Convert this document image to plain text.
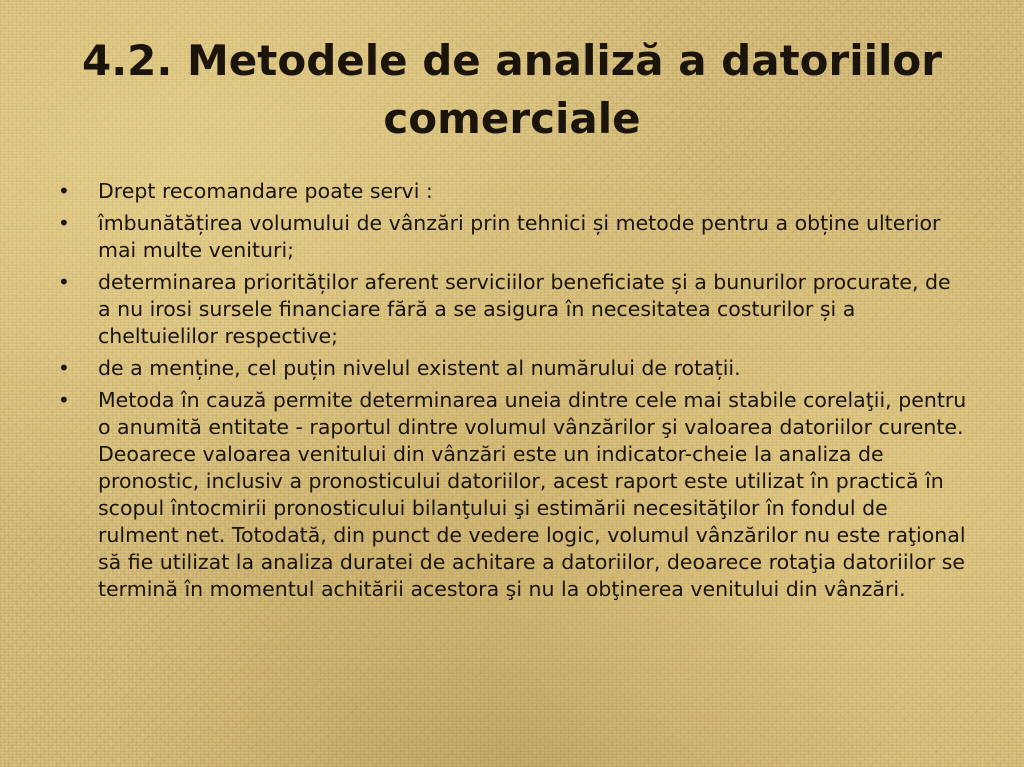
4.2. Metodele de analiză a datoriilor comerciale
• Drept recomandare poate servi :
• îmbunătățirea volumului de vânzări prin tehnici și metode pentru a obține ulterior mai multe venituri;
• determinarea priorităților aferent serviciilor beneficiate și a bunurilor procurate, de a nu irosi sursele financiare fără a se asigura în necesitatea costurilor și a cheltuielilor respective;
• de a menține, cel puțin nivelul existent al numărului de rotații.
• Metoda în cauză permite determinarea uneia dintre cele mai stabile corelaţii, pentru o anumită entitate - raportul dintre volumul vânzărilor şi valoarea datoriilor curente. Deoarece valoarea venitului din vânzări este un indicator-cheie la analiza de pronostic, inclusiv a pronosticului datoriilor, acest raport este utilizat în practică în scopul întocmirii pronosticului bilanţului şi estimării necesităţilor în fondul de rulment net. Totodată, din punct de vedere logic, volumul vânzărilor nu este raţional să fie utilizat la analiza duratei de achitare a datoriilor, deoarece rotaţia datoriilor se termină în momentul achitării acestora şi nu la obţinerea venitului din vânzări.
